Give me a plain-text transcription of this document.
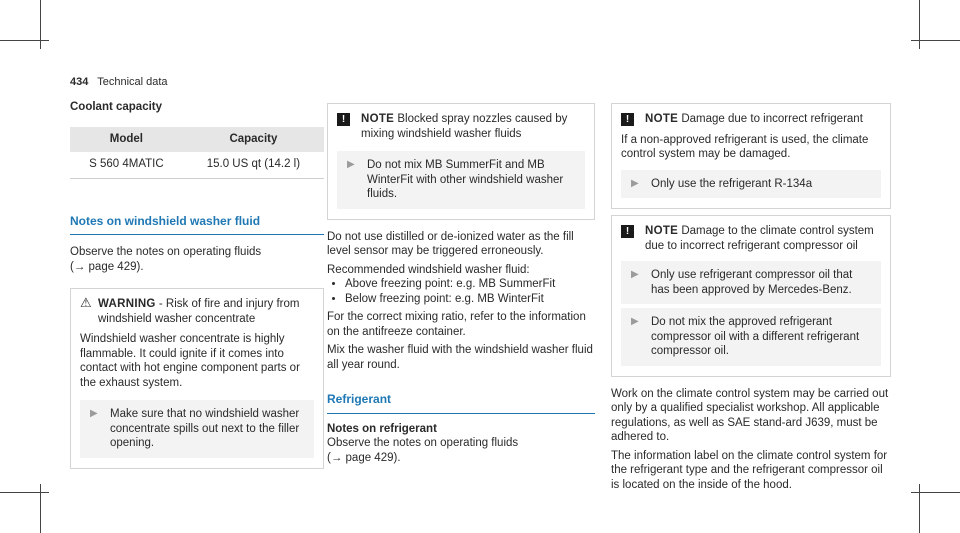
434 Technical data
Coolant capacity
Model	Capacity
S 560 4MATIC	15.0 US qt (14.2 l)
Notes on windshield washer fluid

Observe the notes on operating fluids
(→ page 429).

⚠ WARNING - Risk of fire and injury from windshield washer concentrate

Windshield washer concentrate is highly flammable. It could ignite if it comes into contact with hot engine component parts or the exhaust system.

▶	Make sure that no windshield washer concentrate spills out next to the filler opening.
!	NOTE Blocked spray nozzles caused by mixing windshield washer fluids
▶	Do not mix MB SummerFit and MB WinterFit with other windshield washer fluids.

Do not use distilled or de-ionized water as the fill level sensor may be triggered erroneously.

Recommended windshield washer fluid:

• Above freezing point: e.g. MB SummerFit
• Below freezing point: e.g. MB WinterFit

For the correct mixing ratio, refer to the information on the antifreeze container.

Mix the washer fluid with the windshield washer fluid all year round.

Refrigerant
Notes on refrigerant

Observe the notes on operating fluids
(→ page 429).

!	NOTE Damage due to incorrect refrigerant

If a non-approved refrigerant is used, the climate control system may be damaged.

▶	Only use the refrigerant R-134a
!	NOTE Damage to the climate control system due to incorrect refrigerant compressor oil
▶	Only use refrigerant compressor oil that has been approved by Mercedes-Benz.
▶	Do not mix the approved refrigerant compressor oil with a different refrigerant compressor oil.

Work on the climate control system may be carried out only by a qualified specialist workshop. All applicable regulations, as well as SAE stand-ard J639, must be adhered to.

The information label on the climate control system for the refrigerant type and the refrigerant compressor oil is located on the inside of the hood.
